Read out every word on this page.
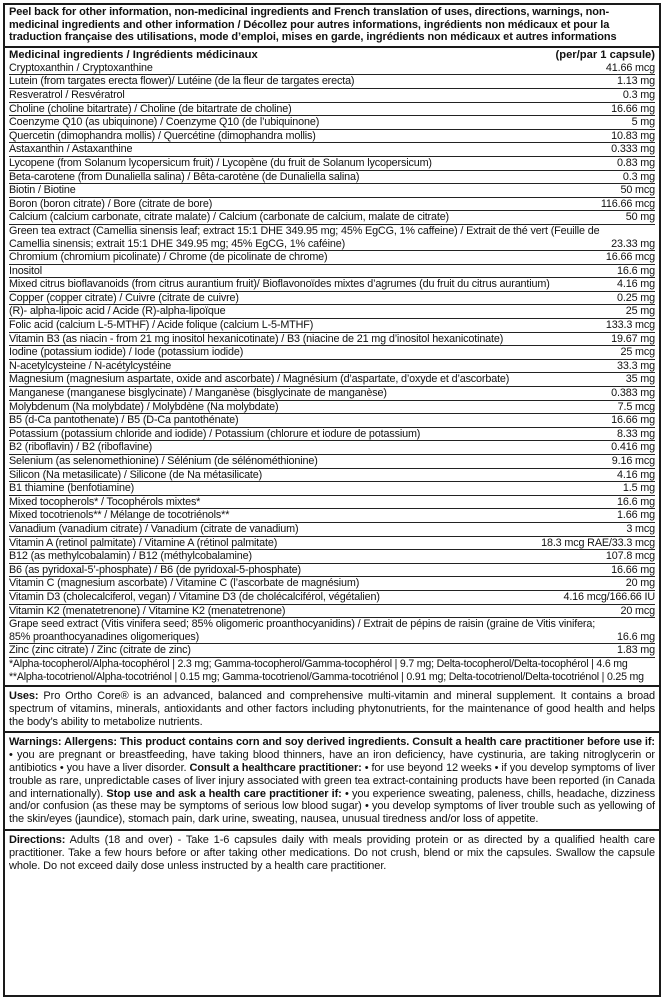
Peel back for other information, non-medicinal ingredients and French translation of uses, directions, warnings, non-medicinal ingredients and other information / Décollez pour autres informations, ingrédients non médicaux et pour la traduction française des utilisations, mode d’emploi, mises en garde, ingrédients non médicaux et autres informations
Medicinal ingredients / Ingrédients médicinaux	(per/par 1 capsule)
Cryptoxanthin / Cryptoxanthine	41.66 mcg
Lutein (from targates erecta flower)/ Lutéine (de la fleur de targates erecta)	1.13 mg
Resveratrol / Resvératrol	0.3 mg
Choline (choline bitartrate) / Choline (de bitartrate de choline)	16.66 mg
Coenzyme Q10 (as ubiquinone) / Coenzyme Q10 (de l’ubiquinone)	5 mg
Quercetin (dimophandra mollis) / Quercétine (dimophandra mollis)	10.83 mg
Astaxanthin / Astaxanthine	0.333 mg
Lycopene (from Solanum lycopersicum fruit) / Lycopène (du fruit de Solanum lycopersicum)	0.83 mg
Beta-carotene (from Dunaliella salina) / Bêta-carotène (de Dunaliella salina)	0.3 mg
Biotin / Biotine	50 mcg
Boron (boron citrate) / Bore (citrate de bore)	116.66 mcg
Calcium (calcium carbonate, citrate malate) / Calcium (carbonate de calcium, malate de citrate)	50 mg
Green tea extract (Camellia sinensis leaf; extract 15:1 DHE 349.95 mg; 45% EgCG, 1% caffeine) / Extrait de thé vert (Feuille de Camellia sinensis; extrait 15:1 DHE 349.95 mg; 45% EgCG, 1% caféine)	23.33 mg
Chromium (chromium picolinate) / Chrome (de picolinate de chrome)	16.66 mcg
Inositol	16.6 mg
Mixed citrus bioflavanoids (from citrus aurantium fruit)/ Bioflavonoïdes mixtes d’agrumes (du fruit du citrus aurantium)	4.16 mg
Copper (copper citrate) / Cuivre (citrate de cuivre)	0.25 mg
(R)- alpha-lipoic acid / Acide (R)-alpha-lipoïque	25 mg
Folic acid (calcium L-5-MTHF) / Acide folique (calcium L-5-MTHF)	133.3 mcg
Vitamin B3 (as niacin - from 21 mg inositol hexanicotinate) / B3 (niacine de 21 mg d’inositol hexanicotinate)	19.67 mg
Iodine (potassium iodide) / Iode (potassium iodide)	25 mcg
N-acetylcysteine / N-acétylcystéine	33.3 mg
Magnesium (magnesium aspartate, oxide and ascorbate) / Magnésium (d’aspartate, d’oxyde et d’ascorbate)	35 mg
Manganese (manganese bisglycinate) / Manganèse (bisglycinate de manganèse)	0.383 mg
Molybdenum (Na molybdate) / Molybdène (Na molybdate)	7.5 mcg
B5 (d-Ca pantothenate) / B5 (D-Ca pantothénate)	16.66 mg
Potassium (potassium chloride and iodide) / Potassium (chlorure et iodure de potassium)	8.33 mg
B2 (riboflavin) / B2 (riboflavine)	0.416 mg
Selenium (as selenomethionine) / Sélénium (de sélénométhionine)	9.16 mcg
Silicon (Na metasilicate) / Silicone (de Na métasilicate)	4.16 mg
B1 thiamine (benfotiamine)	1.5 mg
Mixed tocopherols* / Tocophérols mixtes*	16.6 mg
Mixed tocotrienols** / Mélange de tocotriénols**	1.66 mg
Vanadium (vanadium citrate) / Vanadium (citrate de vanadium)	3 mcg
Vitamin A (retinol palmitate) / Vitamine A (rétinol palmitate)	18.3 mcg RAE/33.3 mcg
B12 (as methylcobalamin) / B12 (méthylcobalamine)	107.8 mcg
B6 (as pyridoxal-5’-phosphate) / B6 (de pyridoxal-5-phosphate)	16.66 mg
Vitamin C (magnesium ascorbate) / Vitamine C (l’ascorbate de magnésium)	20 mg
Vitamin D3 (cholecalciferol, vegan) / Vitamine D3 (de cholécalciférol, végétalien)	4.16 mcg/166.66 IU
Vitamin K2 (menatetrenone) / Vitamine K2 (menatetrenone)	20 mcg
Grape seed extract (Vitis vinifera seed; 85% oligomeric proanthocyanidins) / Extrait de pépins de raisin (graine de Vitis vinifera; 85% proanthocyanadines oligomeriques)	16.6 mg
Zinc (zinc citrate) / Zinc (citrate de zinc)	1.83 mg
*Alpha-tocopherol/Alpha-tocophérol | 2.3 mg; Gamma-tocopherol/Gamma-tocophérol | 9.7 mg; Delta-tocopherol/Delta-tocophérol | 4.6 mg **Alpha-tocotrienol/Alpha-tocotriénol | 0.15 mg; Gamma-tocotrienol/Gamma-tocotriénol | 0.91 mg; Delta-tocotrienol/Delta-tocotriénol | 0.25 mg
Uses: Pro Ortho Core® is an advanced, balanced and comprehensive multi-vitamin and mineral supplement. It contains a broad spectrum of vitamins, minerals, antioxidants and other factors including phytonutrients, for the maintenance of good health and helps the body’s ability to metabolize nutrients.
Warnings: Allergens: This product contains corn and soy derived ingredients. Consult a health care practitioner before use if: • you are pregnant or breastfeeding, have taking blood thinners, have an iron deficiency, have cystinuria, are taking nitroglycerin or antibiotics • you have a liver disorder. Consult a healthcare practitioner: • for use beyond 12 weeks • if you develop symptoms of liver trouble as rare, unpredictable cases of liver injury associated with green tea extract-containing products have been reported (in Canada and internationally). Stop use and ask a health care practitioner if: • you experience sweating, paleness, chills, headache, dizziness and/or confusion (as these may be symptoms of serious low blood sugar) • you develop symptoms of liver trouble such as yellowing of the skin/eyes (jaundice), stomach pain, dark urine, sweating, nausea, unusual tiredness and/or loss of appetite.
Directions: Adults (18 and over) - Take 1-6 capsules daily with meals providing protein or as directed by a qualified health care practitioner. Take a few hours before or after taking other medications. Do not crush, blend or mix the capsules. Swallow the capsule whole. Do not exceed daily dose unless instructed by a health care practitioner.
